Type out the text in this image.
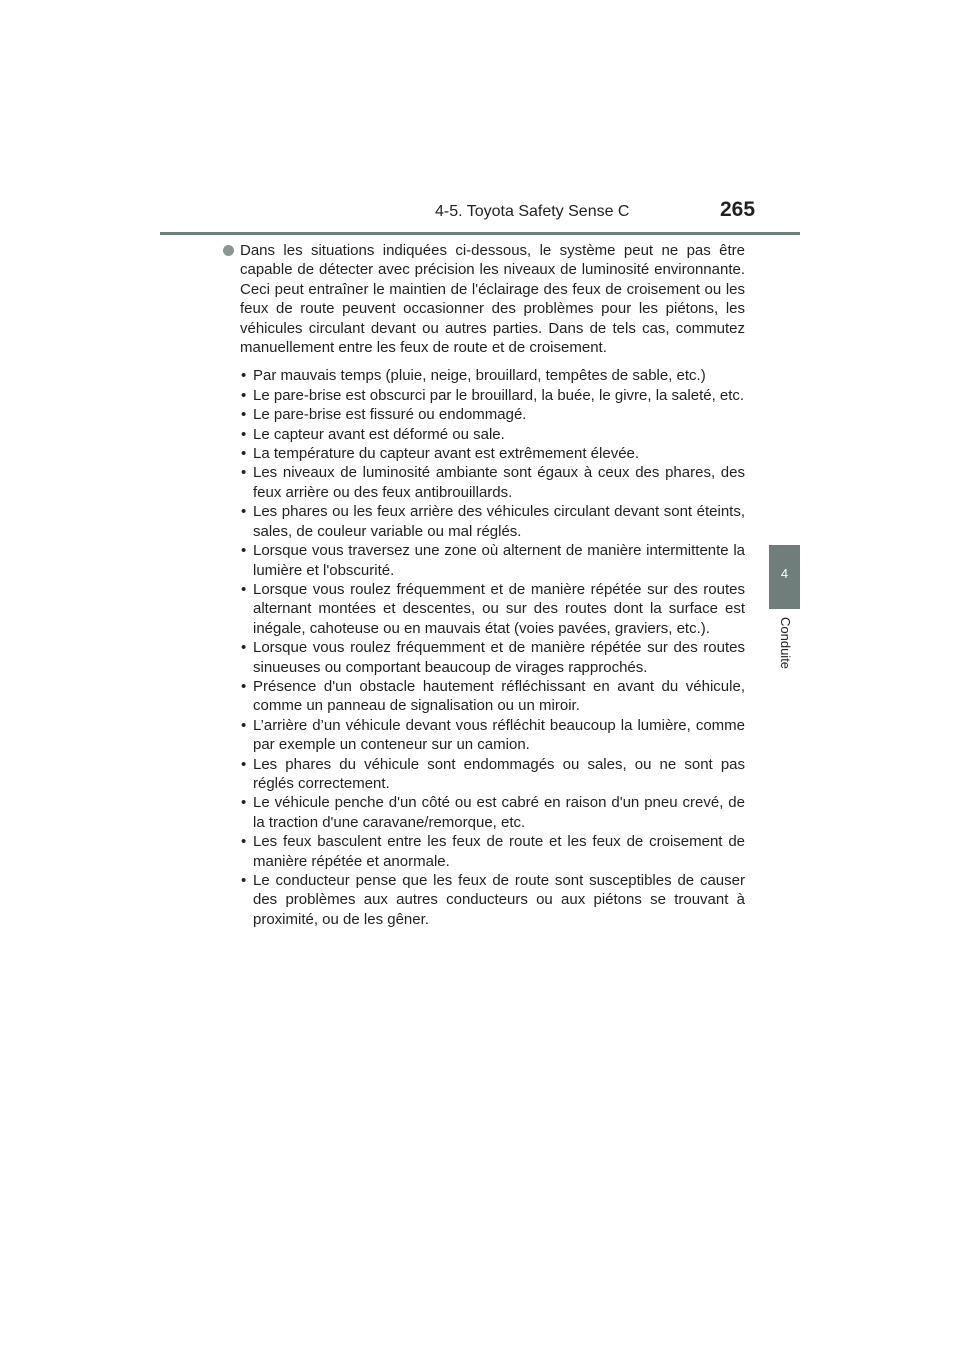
4-5. Toyota Safety Sense C	265
4
Conduite

Dans les situations indiquées ci-dessous, le système peut ne pas être capable de détecter avec précision les niveaux de luminosité environnante. Ceci peut entraîner le maintien de l'éclairage des feux de croisement ou les feux de route peuvent occasionner des problèmes pour les piétons, les véhicules circulant devant ou autres parties. Dans de tels cas, commutez manuellement entre les feux de route et de croisement.

• Par mauvais temps (pluie, neige, brouillard, tempêtes de sable, etc.)
• Le pare-brise est obscurci par le brouillard, la buée, le givre, la saleté, etc.
• Le pare-brise est fissuré ou endommagé.
• Le capteur avant est déformé ou sale.
• La température du capteur avant est extrêmement élevée.
• Les niveaux de luminosité ambiante sont égaux à ceux des phares, des feux arrière ou des feux antibrouillards.
• Les phares ou les feux arrière des véhicules circulant devant sont éteints, sales, de couleur variable ou mal réglés.
• Lorsque vous traversez une zone où alternent de manière intermittente la lumière et l'obscurité.
• Lorsque vous roulez fréquemment et de manière répétée sur des routes alternant montées et descentes, ou sur des routes dont la surface est inégale, cahoteuse ou en mauvais état (voies pavées, graviers, etc.).
• Lorsque vous roulez fréquemment et de manière répétée sur des routes sinueuses ou comportant beaucoup de virages rapprochés.
• Présence d'un obstacle hautement réfléchissant en avant du véhicule, comme un panneau de signalisation ou un miroir.
• L’arrière d’un véhicule devant vous réfléchit beaucoup la lumière, comme par exemple un conteneur sur un camion.
• Les phares du véhicule sont endommagés ou sales, ou ne sont pas réglés correctement.
• Le véhicule penche d'un côté ou est cabré en raison d'un pneu crevé, de la traction d'une caravane/remorque, etc.
• Les feux basculent entre les feux de route et les feux de croisement de manière répétée et anormale.
• Le conducteur pense que les feux de route sont susceptibles de causer des problèmes aux autres conducteurs ou aux piétons se trouvant à proximité, ou de les gêner.
